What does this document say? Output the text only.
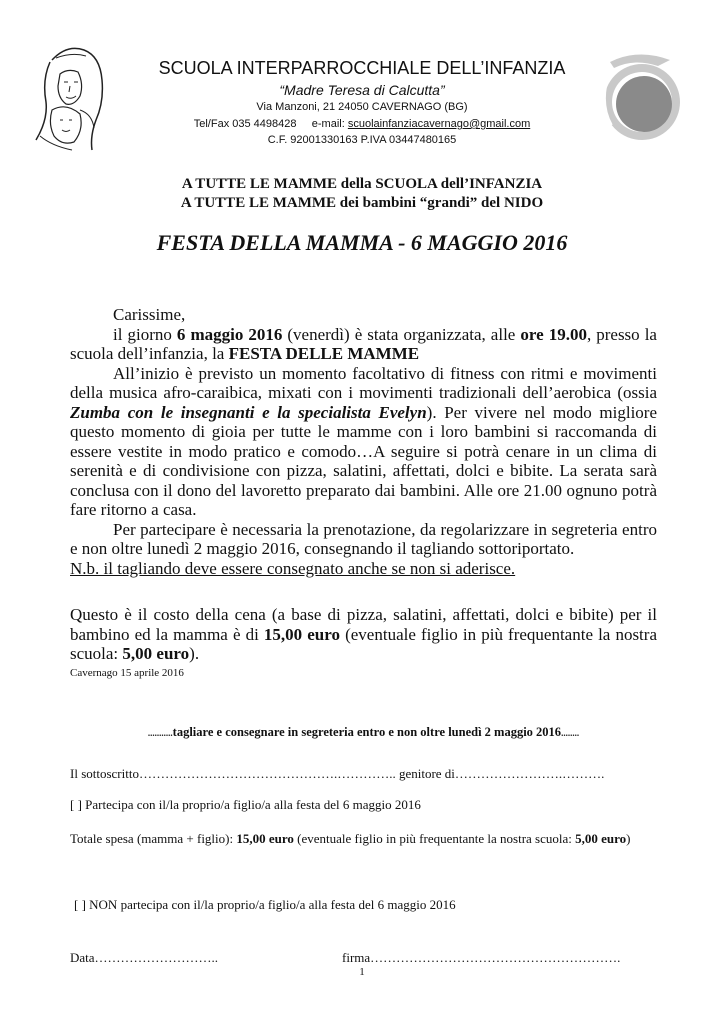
SCUOLA INTERPARROCCHIALE DELL’INFANZIA
“Madre Teresa di Calcutta”
Via Manzoni, 21 24050 CAVERNAGO (BG)
Tel/Fax 035 4498428 e-mail: scuolainfanziacavernago@gmail.com
C.F. 92001330163 P.IVA 03447480165
A TUTTE LE MAMME della SCUOLA dell’INFANZIA
A TUTTE LE MAMME dei bambini “grandi” del NIDO
FESTA DELLA MAMMA - 6 MAGGIO 2016

Carissime,

il giorno 6 maggio 2016 (venerdì) è stata organizzata, alle ore 19.00, presso la scuola dell’infanzia, la FESTA DELLE MAMME

All’inizio è previsto un momento facoltativo di fitness con ritmi e movimenti della musica afro-caraibica, mixati con i movimenti tradizionali dell’aerobica (ossia Zumba con le insegnanti e la specialista Evelyn). Per vivere nel modo migliore questo momento di gioia per tutte le mamme con i loro bambini si raccomanda di essere vestite in modo pratico e comodo…A seguire si potrà cenare in un clima di serenità e di condivisione con pizza, salatini, affettati, dolci e bibite. La serata sarà conclusa con il dono del lavoretto preparato dai bambini. Alle ore 21.00 ognuno potrà fare ritorno a casa.

Per partecipare è necessaria la prenotazione, da regolarizzare in segreteria entro e non oltre lunedì 2 maggio 2016, consegnando il tagliando sottoriportato.

N.b. il tagliando deve essere consegnato anche se non si aderisce.

Questo è il costo della cena (a base di pizza, salatini, affettati, dolci e bibite) per il bambino ed la mamma è di 15,00 euro (eventuale figlio in più frequentante la nostra scuola: 5,00 euro).

Cavernago 15 aprile 2016
...........tagliare e consegnare in segreteria entro e non oltre lunedì 2 maggio 2016........
Il sottoscritto……………………………………….………….. genitore di…………………….……….
[ ] Partecipa con il/la proprio/a figlio/a alla festa del 6 maggio 2016
Totale spesa (mamma + figlio): 15,00 euro (eventuale figlio in più frequentante la nostra scuola: 5,00 euro)
[ ] NON partecipa con il/la proprio/a figlio/a alla festa del 6 maggio 2016
Data………………………..	firma………………………………………………….
1
